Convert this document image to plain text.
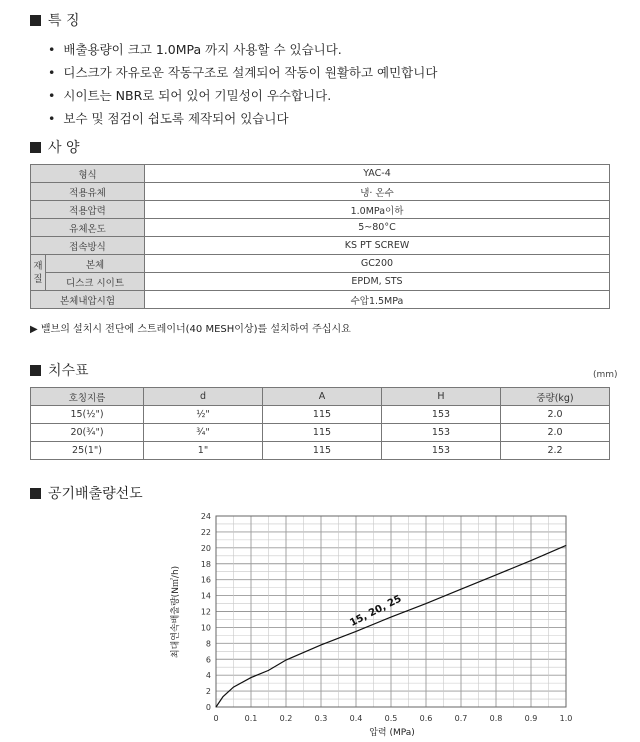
특 징
• 배출용량이 크고 1.0MPa 까지 사용할 수 있습니다.
• 디스크가 자유로운 작동구조로 설계되어 작동이 원활하고 예민합니다
• 시이트는 NBR로 되어 있어 기밀성이 우수합니다.
• 보수 및 점검이 쉽도록 제작되어 있습니다
사 양
형식		YAC-4
적용유체		냉· 온수
적용압력		1.0MPa이하
유체온도		5~80°C
접속방식		KS PT SCREW
재질	본체	GC200
	디스크 시이트	EPDM, STS
본체내압시험		수압1.5MPa
▶ 밸브의 설치시 전단에 스트레이너(40 MESH이상)를 설치하여 주십시요
치수표	(mm)
호칭지름	d	A	H	중량(kg)
15(½")	½"	115	153	2.0
20(¾")	¾"	115	153	2.0
25(1")	1"	115	153	2.2
공기배출량선도
0
2
4
6
8
10
12
14
16
18
20
22
24
0	0.1	0.2	0.3	0.4	0.5	0.6	0.7	0.8	0.9	1.0
15, 20, 25
압력 (MPa)
최대연속배출량(N㎥/h)
